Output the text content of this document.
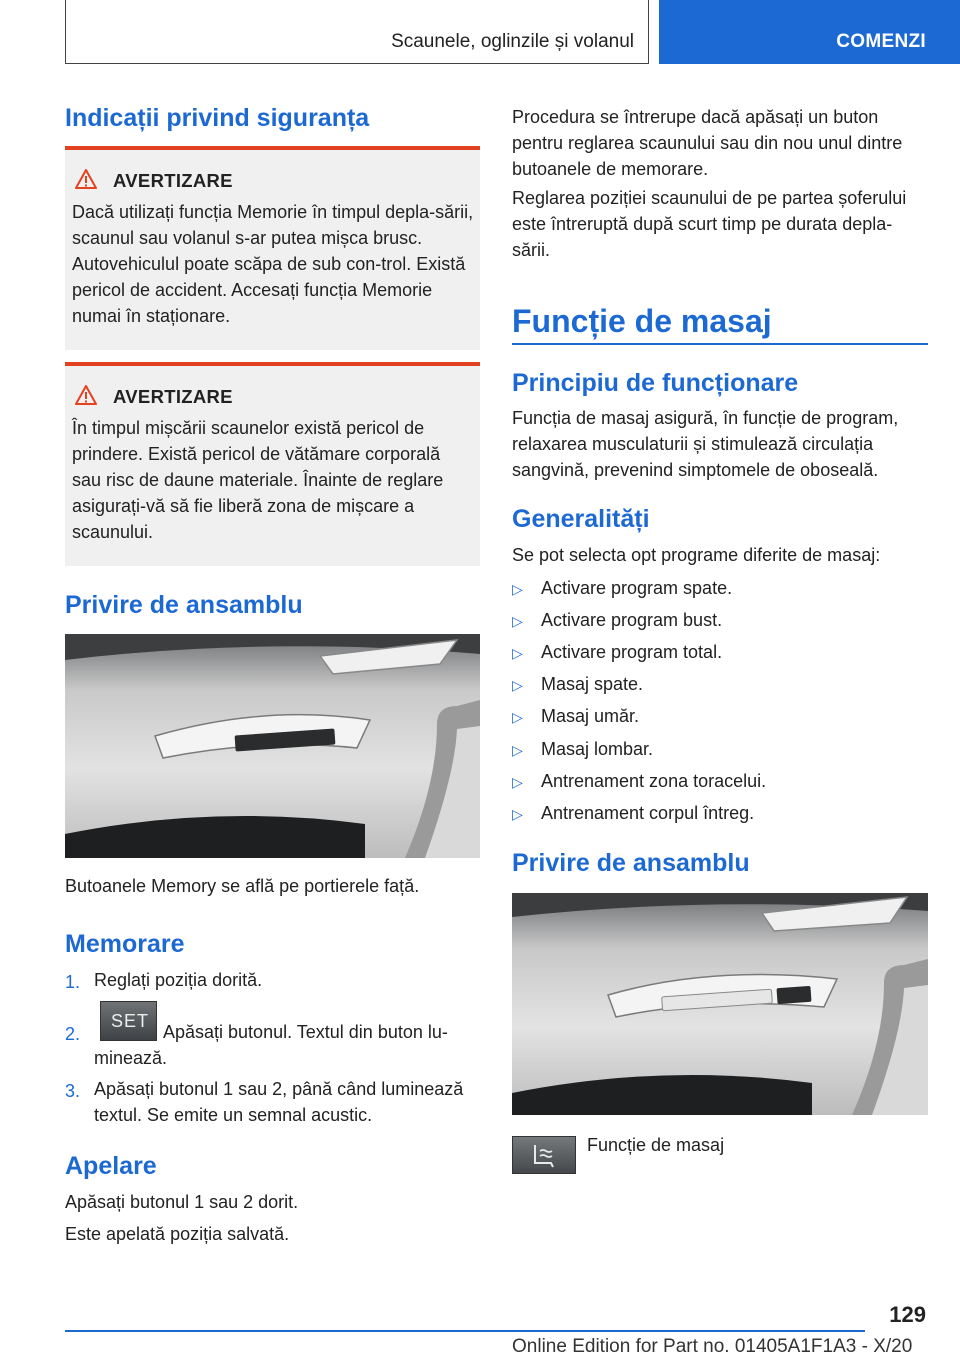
Scaunele, oglinzile și volanul	COMENZI
Indicații privind siguranța
AVERTIZARE
Dacă utilizați funcția Memorie în timpul depla-sării, scaunul sau volanul s-ar putea mișca brusc. Autovehiculul poate scăpa de sub con-trol. Există pericol de accident. Accesați funcția Memorie numai în staționare.
AVERTIZARE
În timpul mișcării scaunelor există pericol de prindere. Există pericol de vătămare corporală sau risc de daune materiale. Înainte de reglare asigurați-vă să fie liberă zona de mișcare a scaunului.
Privire de ansamblu

Butoanele Memory se află pe portierele față.

Memorare
1. Reglați poziția dorită.

2.
SET

Apăsați butonul. Textul din buton lu-minează.

3. Apăsați butonul 1 sau 2, până când luminează textul. Se emite un semnal acustic.

Apelare

Apăsați butonul 1 sau 2 dorit.

Este apelată poziția salvată.

Procedura se întrerupe dacă apăsați un buton pentru reglarea scaunului sau din nou unul dintre butoanele de memorare.

Reglarea poziției scaunului de pe partea șoferului este întreruptă după scurt timp pe durata depla-sării.

Funcție de masaj
Principiu de funcționare

Funcția de masaj asigură, în funcție de program, relaxarea musculaturii și stimulează circulația sangvină, prevenind simptomele de oboseală.

Generalități

Se pot selecta opt programe diferite de masaj:

▷ Activare program spate.
▷ Activare program bust.
▷ Activare program total.
▷ Masaj spate.
▷ Masaj umăr.
▷ Masaj lombar.
▷ Antrenament zona toracelui.
▷ Antrenament corpul întreg.
Privire de ansamblu

Funcție de masaj

129
Online Edition for Part no. 01405A1F1A3 - X/20
